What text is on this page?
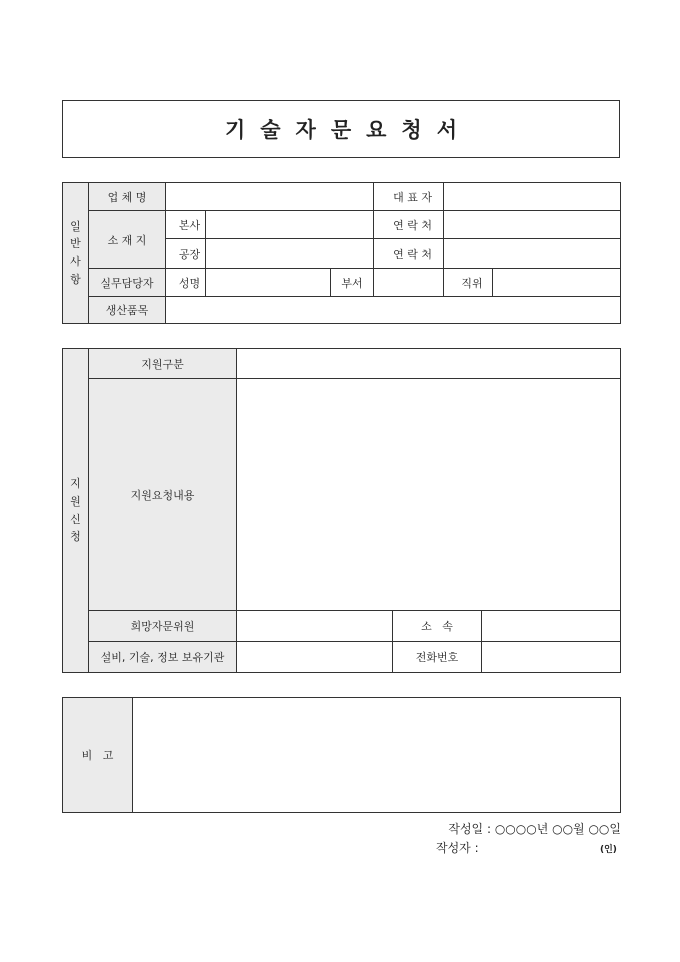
기술자문요청서
일
반
사
항	업 체 명				대 표 자		
	소 재 지	본사			연 락 처		
		공장			연 락 처		
	실무담당자	성명		부서		직위	
	생산품목						
지
원
신
청	지원구분			
	지원요청내용			
	희망자문위원		소   속	
	설비, 기술, 정보 보유기관		전화번호	
비   고	
작성일 : ○○○○년 ○○월 ○○일
작성자 :	(인)
